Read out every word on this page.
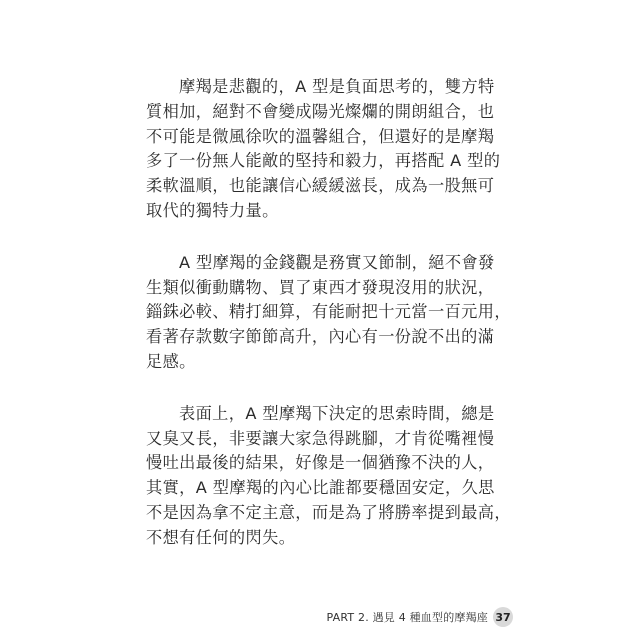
摩羯是悲觀的，A 型是負面思考的，雙方特
質相加，絕對不會變成陽光燦爛的開朗組合，也
不可能是微風徐吹的溫馨組合，但還好的是摩羯
多了一份無人能敵的堅持和毅力，再搭配 A 型的
柔軟溫順，也能讓信心緩緩滋長，成為一股無可
取代的獨特力量。
A 型摩羯的金錢觀是務實又節制，絕不會發
生類似衝動購物、買了東西才發現沒用的狀況，
錙銖必較、精打細算，有能耐把十元當一百元用，
看著存款數字節節高升，內心有一份說不出的滿
足感。
表面上，A 型摩羯下決定的思索時間，總是
又臭又長，非要讓大家急得跳腳，才肯從嘴裡慢
慢吐出最後的結果，好像是一個猶豫不決的人，
其實，A 型摩羯的內心比誰都要穩固安定，久思
不是因為拿不定主意，而是為了將勝率提到最高，
不想有任何的閃失。
PART 2. 遇見 4 種血型的摩羯座 37
